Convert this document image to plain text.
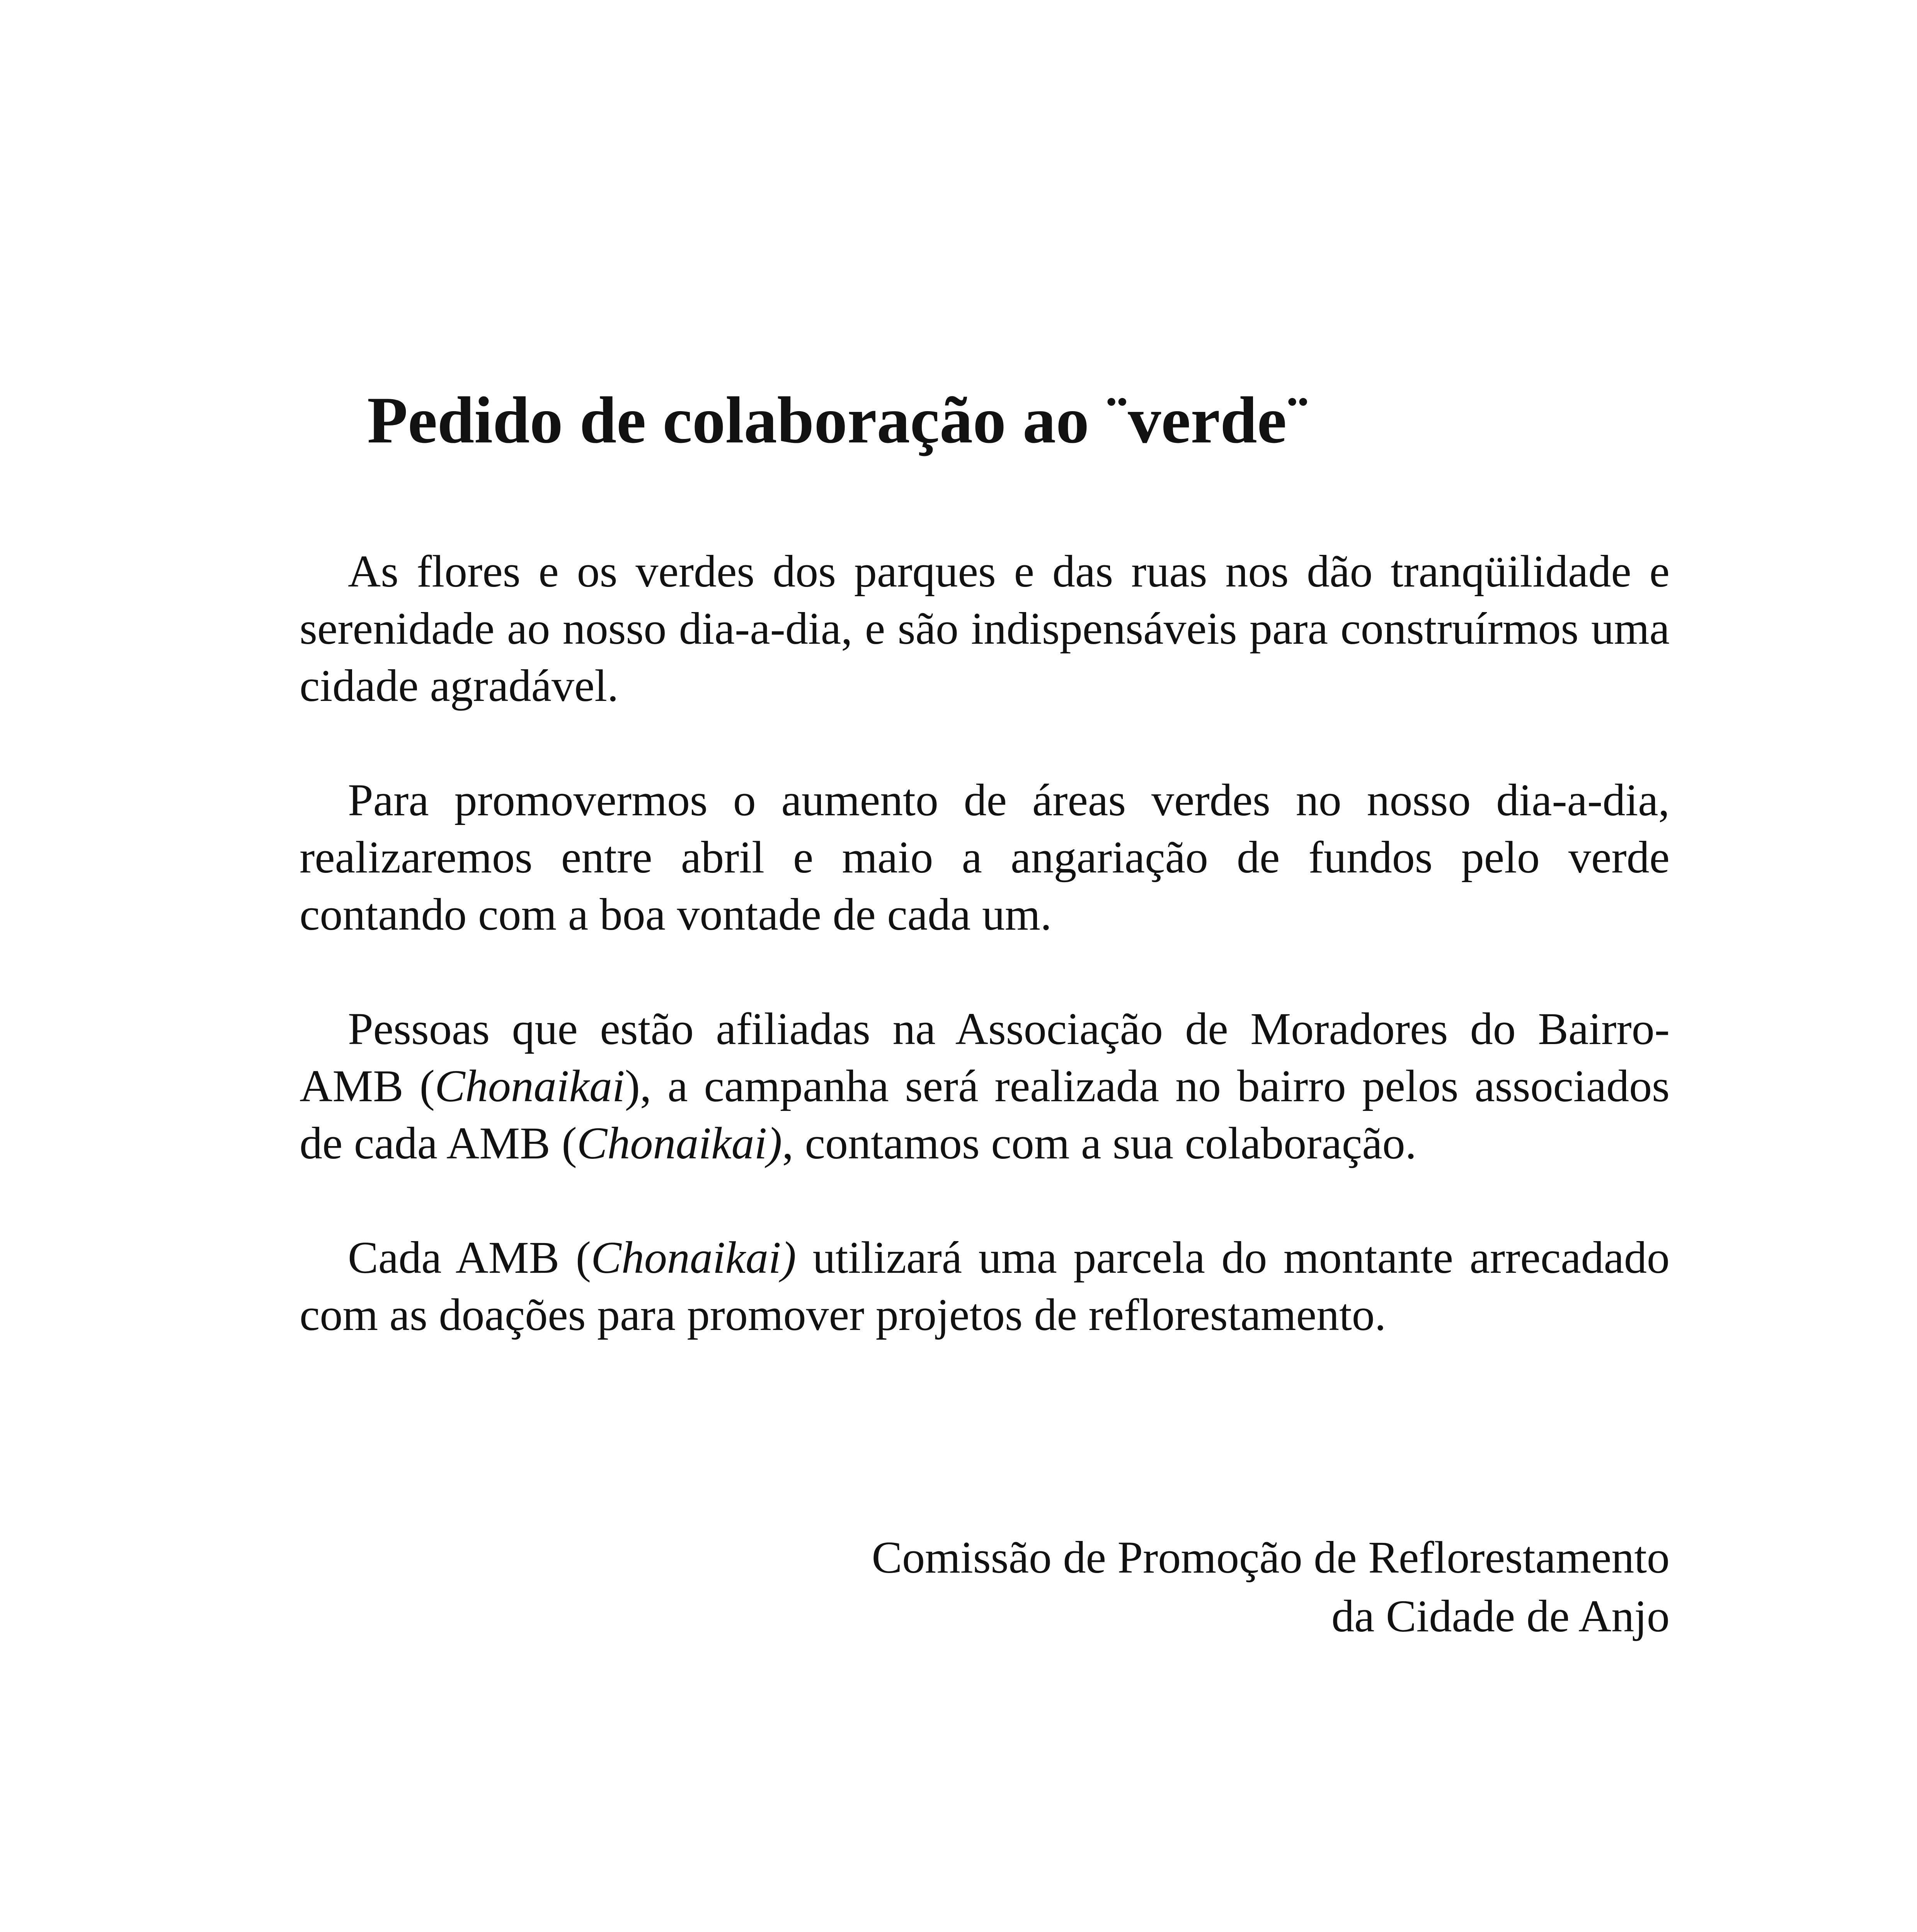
Pedido de colaboração ao ¨verde¨

As flores e os verdes dos parques e das ruas nos dão tranqüilidade e serenidade ao nosso dia-a-dia, e são indispensáveis para construírmos uma cidade agradável.

Para promovermos o aumento de áreas verdes no nosso dia-a-dia, realizaremos entre abril e maio a angariação de fundos pelo verde contando com a boa vontade de cada um.

Pessoas que estão afiliadas na Associação de Moradores do Bairro-AMB (Chonaikai), a campanha será realizada no bairro pelos associados de cada AMB (Chonaikai), contamos com a sua colaboração.

Cada AMB (Chonaikai) utilizará uma parcela do montante arrecadado com as doações para promover projetos de reflorestamento.

Comissão de Promoção de Reflorestamento
da Cidade de Anjo
